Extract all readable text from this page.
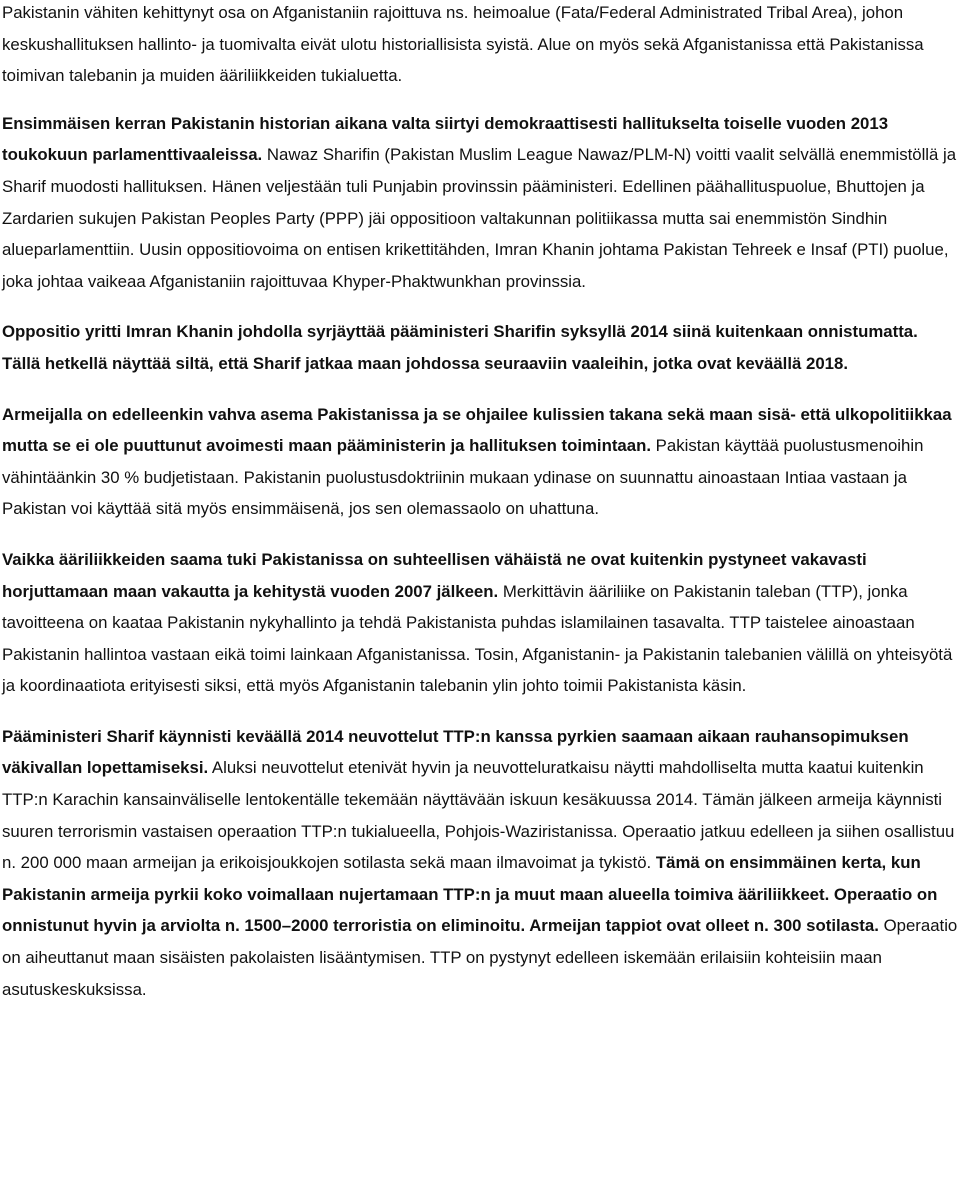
Pakistanin vähiten kehittynyt osa on Afganistaniin rajoittuva ns. heimoalue (Fata/Federal Administrated Tribal Area), johon keskushallituksen hallinto- ja tuomivalta eivät ulotu historiallisista syistä. Alue on myös sekä Afganistanissa että Pakistanissa toimivan talebanin ja muiden ääriliikkeiden tukialuetta.

Ensimmäisen kerran Pakistanin historian aikana valta siirtyi demokraattisesti hallitukselta toiselle vuoden 2013 toukokuun parlamenttivaaleissa. Nawaz Sharifin (Pakistan Muslim League Nawaz/PLM-N) voitti vaalit selvällä enemmistöllä ja Sharif muodosti hallituksen. Hänen veljestään tuli Punjabin provinssin pääministeri. Edellinen päähallituspuolue, Bhuttojen ja Zardarien sukujen Pakistan Peoples Party (PPP) jäi oppositioon valtakunnan politiikassa mutta sai enemmistön Sindhin alueparlamenttiin. Uusin oppositiovoima on entisen krikettitähden, Imran Khanin johtama Pakistan Tehreek e Insaf (PTI) puolue, joka johtaa vaikeaa Afganistaniin rajoittuvaa Khyper-Phaktwunkhan provinssia.

Oppositio yritti Imran Khanin johdolla syrjäyttää pääministeri Sharifin syksyllä 2014 siinä kuitenkaan onnistumatta. Tällä hetkellä näyttää siltä, että Sharif jatkaa maan johdossa seuraaviin vaaleihin, jotka ovat keväällä 2018.

Armeijalla on edelleenkin vahva asema Pakistanissa ja se ohjailee kulissien takana sekä maan sisä- että ulkopolitiikkaa mutta se ei ole puuttunut avoimesti maan pääministerin ja hallituksen toimintaan. Pakistan käyttää puolustusmenoihin vähintäänkin 30 % budjetistaan. Pakistanin puolustusdoktriinin mukaan ydinase on suunnattu ainoastaan Intiaa vastaan ja Pakistan voi käyttää sitä myös ensimmäisenä, jos sen olemassaolo on uhattuna.

Vaikka ääriliikkeiden saama tuki Pakistanissa on suhteellisen vähäistä ne ovat kuitenkin pystyneet vakavasti horjuttamaan maan vakautta ja kehitystä vuoden 2007 jälkeen. Merkittävin ääriliike on Pakistanin taleban (TTP), jonka tavoitteena on kaataa Pakistanin nykyhallinto ja tehdä Pakistanista puhdas islamilainen tasavalta. TTP taistelee ainoastaan Pakistanin hallintoa vastaan eikä toimi lainkaan Afganistanissa. Tosin, Afganistanin- ja Pakistanin talebanien välillä on yhteisyötä ja koordinaatiota erityisesti siksi, että myös Afganistanin talebanin ylin johto toimii Pakistanista käsin.

Pääministeri Sharif käynnisti keväällä 2014 neuvottelut TTP:n kanssa pyrkien saamaan aikaan rauhansopimuksen väkivallan lopettamiseksi. Aluksi neuvottelut etenivät hyvin ja neuvotteluratkaisu näytti mahdolliselta mutta kaatui kuitenkin TTP:n Karachin kansainväliselle lentokentälle tekemään näyttävään iskuun kesäkuussa 2014. Tämän jälkeen armeija käynnisti suuren terrorismin vastaisen operaation TTP:n tukialueella, Pohjois-Waziristanissa. Operaatio jatkuu edelleen ja siihen osallistuu n. 200 000 maan armeijan ja erikoisjoukkojen sotilasta sekä maan ilmavoimat ja tykistö. Tämä on ensimmäinen kerta, kun Pakistanin armeija pyrkii koko voimallaan nujertamaan TTP:n ja muut maan alueella toimiva ääriliikkeet. Operaatio on onnistunut hyvin ja arviolta n. 1500–2000 terroristia on eliminoitu. Armeijan tappiot ovat olleet n. 300 sotilasta. Operaatio on aiheuttanut maan sisäisten pakolaisten lisääntymisen. TTP on pystynyt edelleen iskemään erilaisiin kohteisiin maan asutuskeskuksissa.
